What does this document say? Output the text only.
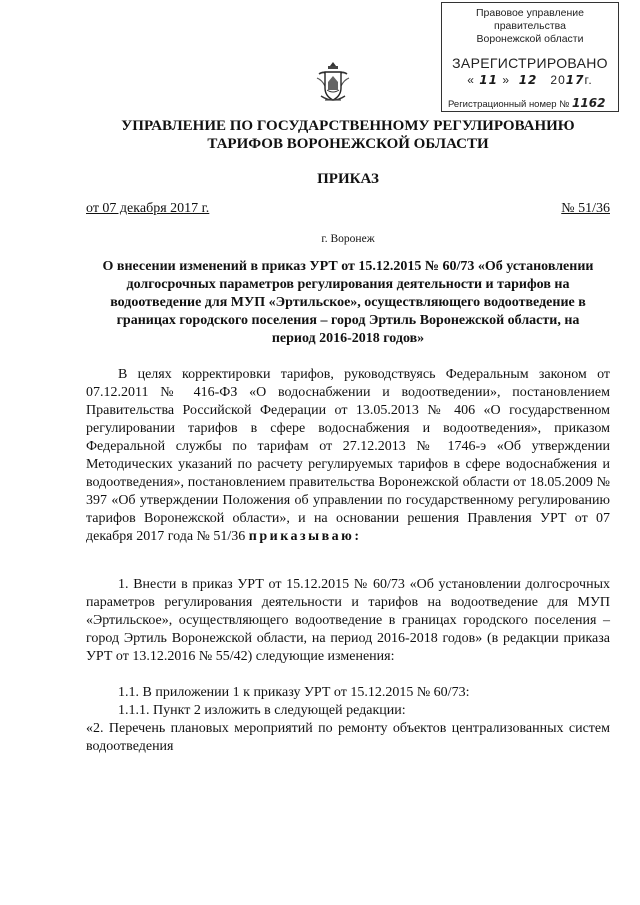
Правовое управление правительства
Воронежской области
ЗАРЕГИСТРИРОВАНО
« 11 »  12 2017г.
Регистрационный номер № 1162
УПРАВЛЕНИЕ ПО ГОСУДАРСТВЕННОМУ РЕГУЛИРОВАНИЮ
ТАРИФОВ ВОРОНЕЖСКОЙ ОБЛАСТИ
ПРИКАЗ
от 07 декабря 2017 г.	№ 51/36
г. Воронеж
О внесении изменений в приказ УРТ от 15.12.2015 № 60/73 «Об установлении долгосрочных параметров регулирования деятельности и тарифов на водоотведение для МУП «Эртильское», осуществляющего водоотведение в границах городского поселения – город Эртиль Воронежской области, на период 2016-2018 годов»
В целях корректировки тарифов, руководствуясь Федеральным законом от 07.12.2011 № 416-ФЗ «О водоснабжении и водоотведении», постановлением Правительства Российской Федерации от 13.05.2013 № 406 «О государственном регулировании тарифов в сфере водоснабжения и водоотведения», приказом Федеральной службы по тарифам от 27.12.2013 № 1746-э «Об утверждении Методических указаний по расчету регулируемых тарифов в сфере водоснабжения и водоотведения», постановлением правительства Воронежской области от 18.05.2009 № 397 «Об утверждении Положения об управлении по государственному регулированию тарифов Воронежской области», и на основании решения Правления УРТ от 07 декабря 2017 года № 51/36 приказываю:
1. Внести в приказ УРТ от 15.12.2015 № 60/73 «Об установлении долгосрочных параметров регулирования деятельности и тарифов на водоотведение для МУП «Эртильское», осуществляющего водоотведение в границах городского поселения – город Эртиль Воронежской области, на период 2016-2018 годов» (в редакции приказа УРТ от 13.12.2016 № 55/42) следующие изменения:
1.1. В приложении 1 к приказу УРТ от 15.12.2015 № 60/73:
1.1.1. Пункт 2 изложить в следующей редакции:
«2. Перечень плановых мероприятий по ремонту объектов централизованных систем водоотведения
